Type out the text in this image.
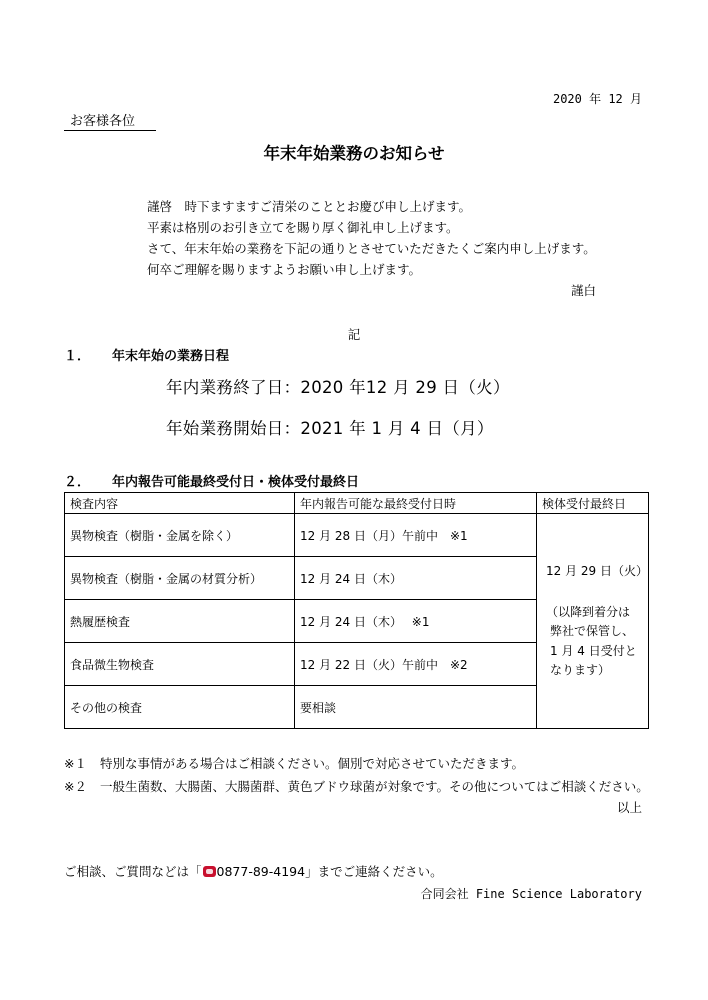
2020 年 12 月
お客様各位
年末年始業務のお知らせ
謹啓　時下ますますご清栄のこととお慶び申し上げます。
平素は格別のお引き立てを賜り厚く御礼申し上げます。
さて、年末年始の業務を下記の通りとさせていただきたくご案内申し上げます。
何卒ご理解を賜りますようお願い申し上げます。
謹白
記
１． 年末年始の業務日程
年内業務終了日：2020 年12 月 29 日（火）
年始業務開始日：2021 年 1 月 4 日（月）
２． 年内報告可能最終受付日・検体受付最終日
検査内容	年内報告可能な最終受付日時	検体受付最終日
異物検査（樹脂・金属を除く）	12 月 28 日（月）午前中　※1	12 月 29 日（火）
（以降到着分は
弊社で保管し、
1 月 4 日受付と
なります）

異物検査（樹脂・金属の材質分析）	12 月 24 日（木）	
熱履歴検査	12 月 24 日（木）　 ※1	
食品微生物検査	12 月 22 日（火）午前中　※2	
その他の検査	要相談	
※１ 特別な事情がある場合はご相談ください。個別で対応させていただきます。
※２ 一般生菌数、大腸菌、大腸菌群、黄色ブドウ球菌が対象です。その他についてはご相談ください。
以上
ご相談、ご質問などは「 0877-89-4194」までご連絡ください。
合同会社 Fine Science Laboratory
